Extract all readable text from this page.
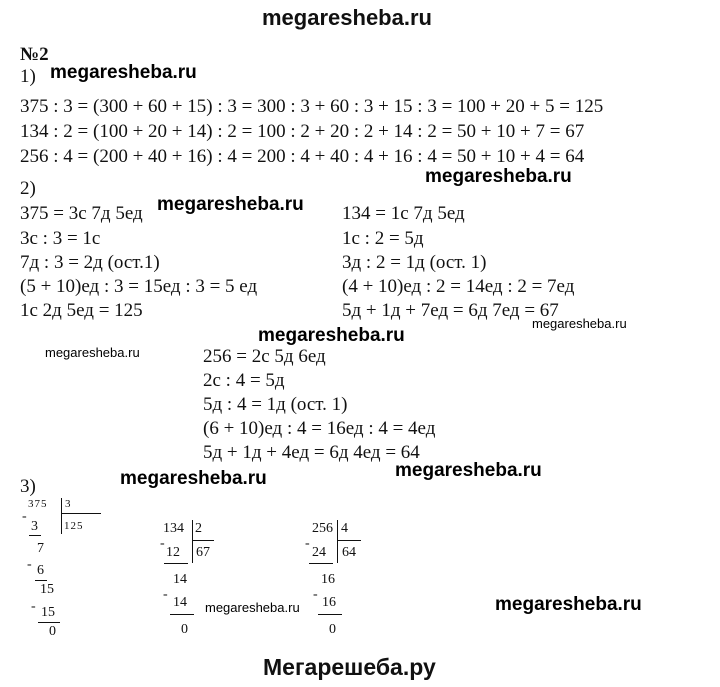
megaresheba.ru
№2
1) megaresheba.ru
375 : 3 = (300 + 60 + 15) : 3 = 300 : 3 + 60 : 3 + 15 : 3 = 100 + 20 + 5 = 125
134 : 2 = (100 + 20 + 14) : 2 = 100 : 2 + 20 : 2 + 14 : 2 = 50 + 10 + 7 = 67
256 : 4 = (200 + 40 + 16) : 4 = 200 : 4 + 40 : 4 + 16 : 4 = 50 + 10 + 4 = 64
megaresheba.ru
2)
375 = 3с 7д 5ед megaresheba.ru
3с : 3 = 1с
7д : 3 = 2д (ост.1)
(5 + 10)ед : 3 = 15ед : 3 = 5 ед
1с 2д 5ед = 125
134 = 1с 7д 5ед
1с : 2 = 5д
3д : 2 = 1д (ост. 1)
(4 + 10)ед : 2 = 14ед : 2 = 7ед
5д + 1д + 7ед = 6д 7ед = 67
megaresheba.ru
megaresheba.ru
megaresheba.ru	256 = 2с 5д 6ед
2с : 4 = 5д
5д : 4 = 1д (ост. 1)
(6 + 10)ед : 4 = 16ед : 4 = 4ед
5д + 1д + 4ед = 6д 4ед = 64
megaresheba.ru
3)	megaresheba.ru
375 3
125
-
3
7
- 6
15
- 15
0
134 2
67
-
12
14
-
14
0
megaresheba.ru
256 4
64
-
24
16
-
16
0
megaresheba.ru
Мегарешеба.ру
